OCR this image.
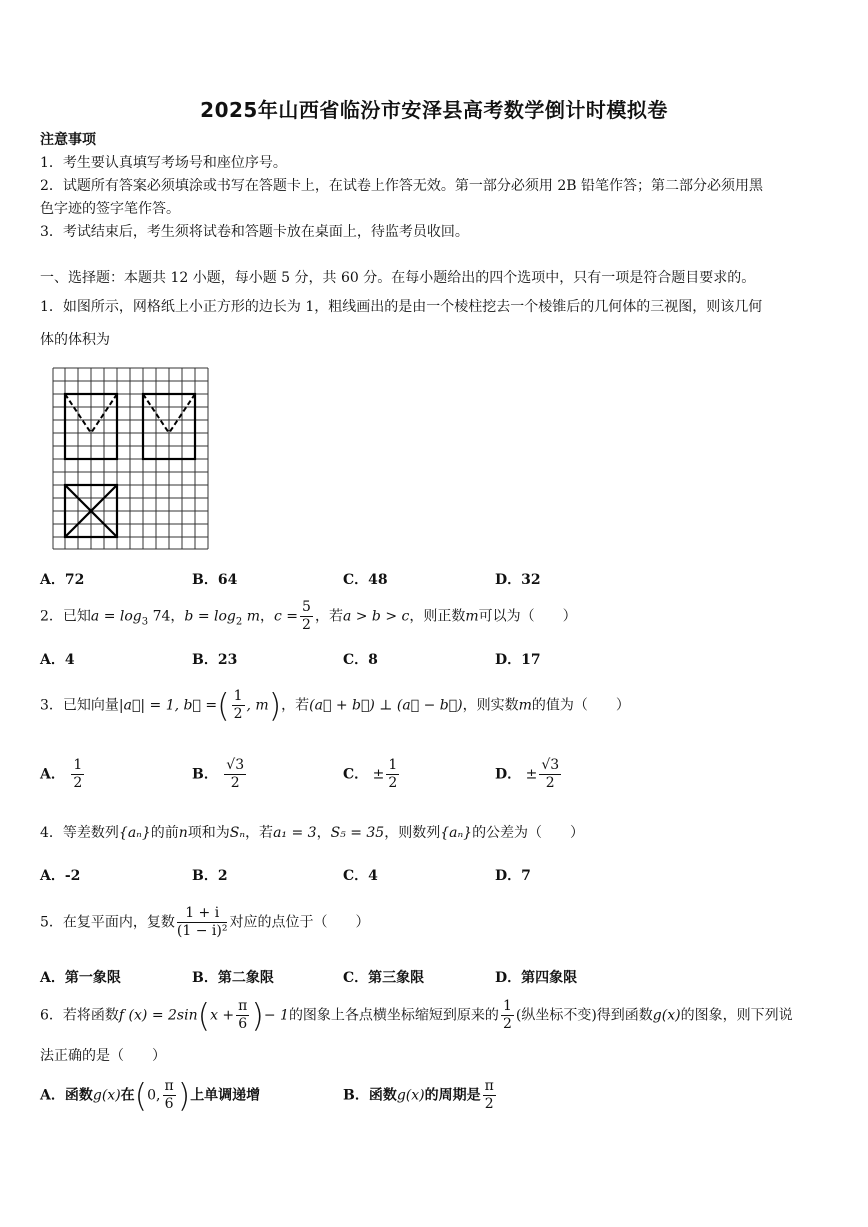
2025年山西省临汾市安泽县高考数学倒计时模拟卷
注意事项
1．考生要认真填写考场号和座位序号。
2．试题所有答案必须填涂或书写在答题卡上，在试卷上作答无效。第一部分必须用 2B 铅笔作答；第二部分必须用黑
色字迹的签字笔作答。
3．考试结束后，考生须将试卷和答题卡放在桌面上，待监考员收回。
一、选择题：本题共 12 小题，每小题 5 分，共 60 分。在每小题给出的四个选项中，只有一项是符合题目要求的。
1．如图所示，网格纸上小正方形的边长为 1，粗线画出的是由一个棱柱挖去一个棱锥后的几何体的三视图，则该几何
体的体积为
A．72	B．64	C．48	D．32
2．已知$a = \log_3 74$，$b = \log_2 m$，$c = \frac{5}{2}$ ，若a > b > c，则正数m可以为（　　）
A．4	B．23	C．8	D．17
3．已知向量|a⃗| = 1, b⃗ =( $\frac{1}{2}$ , m)，若(a⃗ + b⃗) ⊥ (a⃗ − b⃗)，则实数m的值为（　　）
A． $\frac{1}{2}$	B． $\frac{√3}{2}$	C． ± $\frac{1}{2}$	D． ± $\frac{√3}{2}$
4．等差数列{aₙ}的前n项和为Sₙ，若a₁ = 3，S₅ = 35，则数列{aₙ}的公差为（　　）
A．-2	B．2	C．4	D．7
5．在复平面内，复数 $\frac{1 + i}{\text{(1 − i)²}}$ 对应的点位于（　　）
A．第一象限	B．第二象限	C．第三象限	D．第四象限
6．若将函数f $(x) = 2\sin(x + \frac{\pi}{6}$ )− 1的图象上各点横坐标缩短到原来的 $\frac{1}{2}$ (纵坐标不变)得到函数g(x)的图象，则下列说
法正确的是（　　）
A．函数g(x)在(0, $\frac{\pi}{6}$ )上单调递增	B．函数g(x)的周期是 $\frac{\pi}{2}$
